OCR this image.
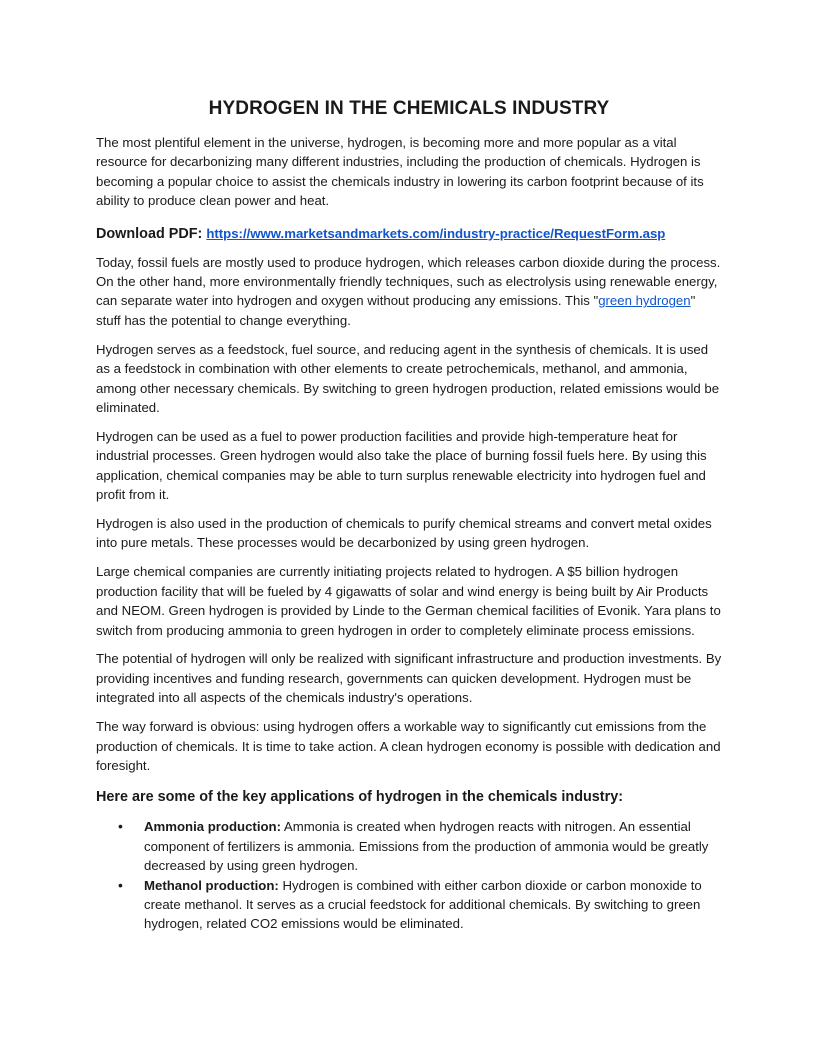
HYDROGEN IN THE CHEMICALS INDUSTRY

The most plentiful element in the universe, hydrogen, is becoming more and more popular as a vital resource for decarbonizing many different industries, including the production of chemicals. Hydrogen is becoming a popular choice to assist the chemicals industry in lowering its carbon footprint because of its ability to produce clean power and heat.

Download PDF: https://www.marketsandmarkets.com/industry-practice/RequestForm.asp

Today, fossil fuels are mostly used to produce hydrogen, which releases carbon dioxide during the process. On the other hand, more environmentally friendly techniques, such as electrolysis using renewable energy, can separate water into hydrogen and oxygen without producing any emissions. This "green hydrogen" stuff has the potential to change everything.

Hydrogen serves as a feedstock, fuel source, and reducing agent in the synthesis of chemicals. It is used as a feedstock in combination with other elements to create petrochemicals, methanol, and ammonia, among other necessary chemicals. By switching to green hydrogen production, related emissions would be eliminated.

Hydrogen can be used as a fuel to power production facilities and provide high-temperature heat for industrial processes. Green hydrogen would also take the place of burning fossil fuels here. By using this application, chemical companies may be able to turn surplus renewable electricity into hydrogen fuel and profit from it.

Hydrogen is also used in the production of chemicals to purify chemical streams and convert metal oxides into pure metals. These processes would be decarbonized by using green hydrogen.

Large chemical companies are currently initiating projects related to hydrogen. A $5 billion hydrogen production facility that will be fueled by 4 gigawatts of solar and wind energy is being built by Air Products and NEOM. Green hydrogen is provided by Linde to the German chemical facilities of Evonik. Yara plans to switch from producing ammonia to green hydrogen in order to completely eliminate process emissions.

The potential of hydrogen will only be realized with significant infrastructure and production investments. By providing incentives and funding research, governments can quicken development. Hydrogen must be integrated into all aspects of the chemicals industry's operations.

The way forward is obvious: using hydrogen offers a workable way to significantly cut emissions from the production of chemicals. It is time to take action. A clean hydrogen economy is possible with dedication and foresight.

Here are some of the key applications of hydrogen in the chemicals industry:
• Ammonia production: Ammonia is created when hydrogen reacts with nitrogen. An essential component of fertilizers is ammonia. Emissions from the production of ammonia would be greatly decreased by using green hydrogen.
• Methanol production: Hydrogen is combined with either carbon dioxide or carbon monoxide to create methanol. It serves as a crucial feedstock for additional chemicals. By switching to green hydrogen, related CO2 emissions would be eliminated.
